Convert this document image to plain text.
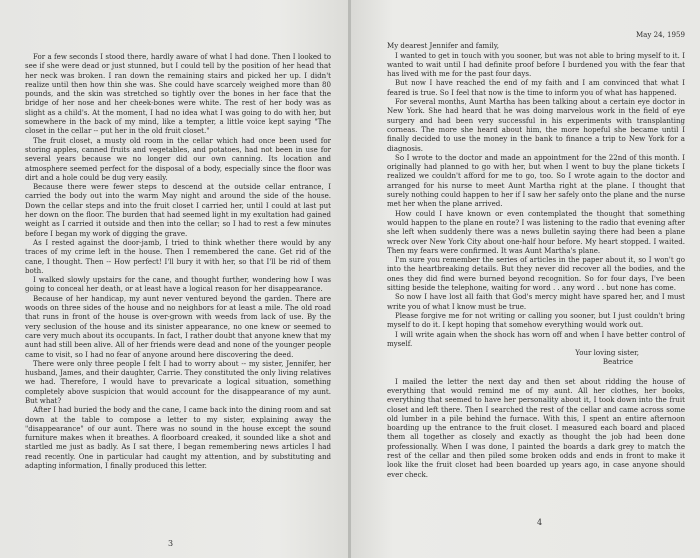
For a few seconds I stood there, hardly aware of what I had done. Then I looked to see if she were dead or just stunned, but I could tell by the position of her head that her neck was broken. I ran down the remaining stairs and picked her up. I didn't realize until then how thin she was. She could have scarcely weighed more than 80 pounds, and the skin was stretched so tightly over the bones in her face that the bridge of her nose and her cheek-bones were white. The rest of her body was as slight as a child's. At the moment, I had no idea what I was going to do with her, but somewhere in the back of my mind, like a tempter, a little voice kept saying "The closet in the cellar -- put her in the old fruit closet."

The fruit closet, a musty old room in the cellar which had once been used for storing apples, canned fruits and vegetables, and potatoes, had not been in use for several years because we no longer did our own canning. Its location and atmosphere seemed perfect for the disposal of a body, especially since the floor was dirt and a hole could be dug very easily.

Because there were fewer steps to descend at the outside cellar entrance, I carried the body out into the warm May night and around the side of the house. Down the cellar steps and into the fruit closet I carried her, until I could at last put her down on the floor. The burden that had seemed light in my exultation had gained weight as I carried it outside and then into the cellar; so I had to rest a few minutes before I began my work of digging the grave.

As I rested against the door-jamb, I tried to think whether there would by any traces of my crime left in the house. Then I remembered the cane. Get rid of the cane, I thought. Then -- How perfect! I'll bury it with her, so that I'll be rid of them both.

I walked slowly upstairs for the cane, and thought further, wondering how I was going to conceal her death, or at least have a logical reason for her disappearance.

Because of her handicap, my aunt never ventured beyond the garden. There are woods on three sides of the house and no neighbors for at least a mile. The old road that runs in front of the house is over-grown with weeds from lack of use. By the very seclusion of the house and its sinister appearance, no one knew or seemed to care very much about its occupants. In fact, I rather doubt that anyone knew that my aunt had still been alive. All of her friends were dead and none of the younger people came to visit, so I had no fear of anyone around here discovering the deed.

There were only three people I felt I had to worry about -- my sister, Jennifer, her husband, James, and their daughter, Carrie. They constituted the only living relatives we had. Therefore, I would have to prevaricate a logical situation, something completely above suspicion that would account for the disappearance of my aunt. But what?

After I had buried the body and the cane, I came back into the dining room and sat down at the table to compose a letter to my sister, explaining away the "disappearance" of our aunt. There was no sound in the house except the sound furniture makes when it breathes. A floorboard creaked, it sounded like a shot and startled me just as badly. As I sat there, I began remembering news articles I had read recently. One in particular had caught my attention, and by substituting and adapting information, I finally produced this letter.

3
May 24, 1959

My dearest Jennifer and family,

I wanted to get in touch with you sooner, but was not able to bring myself to it. I wanted to wait until I had definite proof before I burdened you with the fear that has lived with me for the past four days.

But now I have reached the end of my faith and I am convinced that what I feared is true. So I feel that now is the time to inform you of what has happened.

For several months, Aunt Martha has been talking about a certain eye doctor in New York. She had heard that he was doing marvelous work in the field of eye surgery and had been very successful in his experiments with transplanting corneas. The more she heard about him, the more hopeful she became until I finally decided to use the money in the bank to finance a trip to New York for a diagnosis.

So I wrote to the doctor and made an appointment for the 22nd of this month. I originally had planned to go with her, but when I went to buy the plane tickets I realized we couldn't afford for me to go, too. So I wrote again to the doctor and arranged for his nurse to meet Aunt Martha right at the plane. I thought that surely nothing could happen to her if I saw her safely onto the plane and the nurse met her when the plane arrived.

How could I have known or even contemplated the thought that something would happen to the plane en route? I was listening to the radio that evening after she left when suddenly there was a news bulletin saying there had been a plane wreck over New York City about one-half hour before. My heart stopped. I waited. Then my fears were confirmed. It was Aunt Martha's plane.

I'm sure you remember the series of articles in the paper about it, so I won't go into the heartbreaking details. But they never did recover all the bodies, and the ones they did find were burned beyond recognition. So for four days, I've been sitting beside the telephone, waiting for word . . any word . . but none has come.

So now I have lost all faith that God's mercy might have spared her, and I must write you of what I know must be true.

Please forgive me for not writing or calling you sooner, but I just couldn't bring myself to do it. I kept hoping that somehow everything would work out.

I will write again when the shock has worn off and when I have better control of myself.

Your loving sister,
Beatrice

I mailed the letter the next day and then set about ridding the house of everything that would remind me of my aunt. All her clothes, her books, everything that seemed to have her personality about it, I took down into the fruit closet and left there. Then I searched the rest of the cellar and came across some old lumber in a pile behind the furnace. With this, I spent an entire afternoon boarding up the entrance to the fruit closet. I measured each board and placed them all together as closely and exactly as thought the job had been done professionally. When I was done, I painted the boards a dark grey to match the rest of the cellar and then piled some broken odds and ends in front to make it look like the fruit closet had been boarded up years ago, in case anyone should ever check.

4
